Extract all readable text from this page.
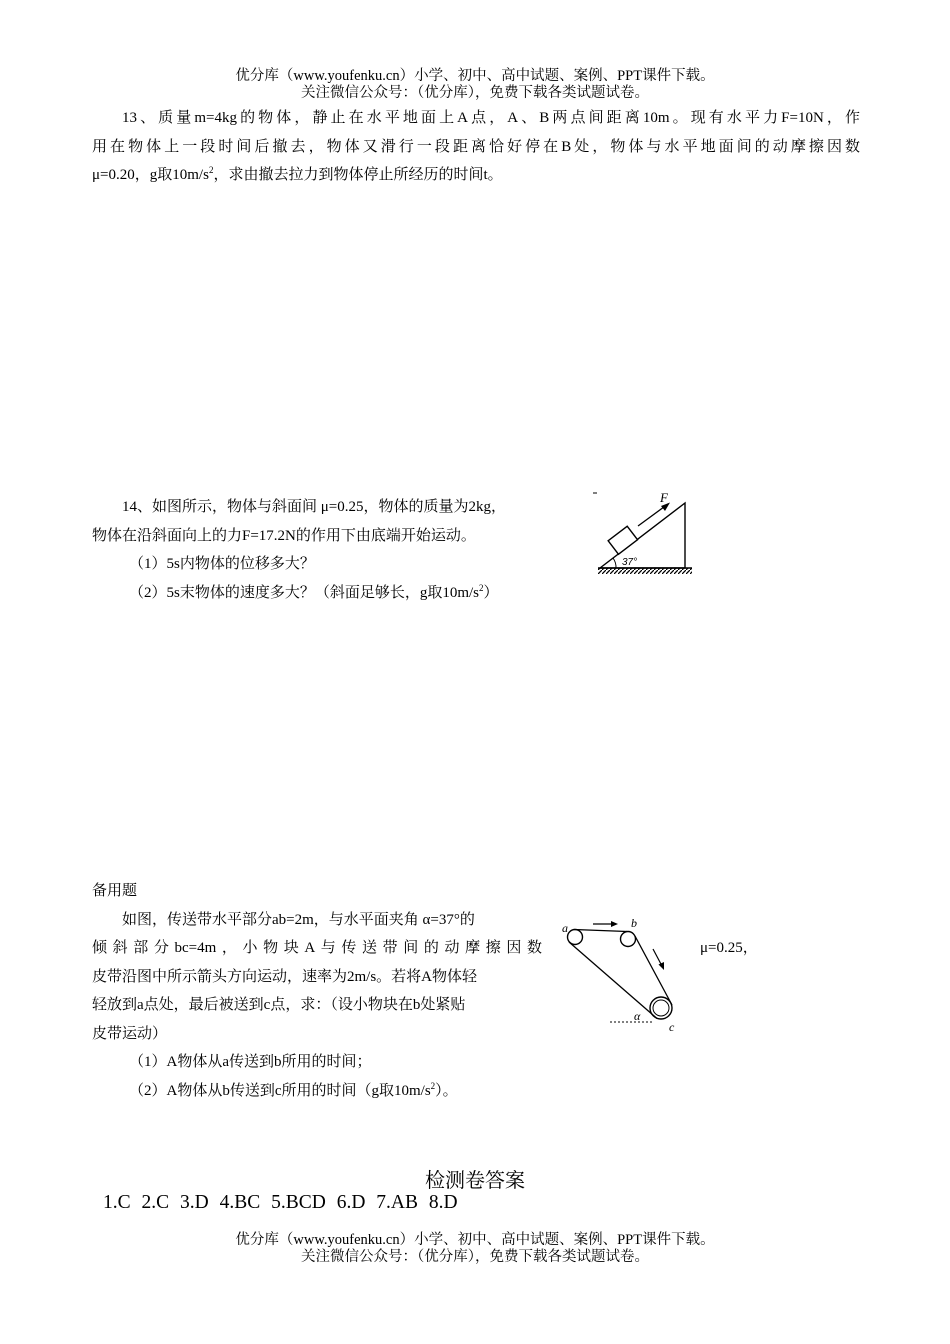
优分库（www.youfenku.cn）小学、初中、高中试题、案例、PPT课件下载。
关注微信公众号：（优分库），免费下载各类试题试卷。
13、质量m=4kg的物体，静止在水平地面上A点，A、B两点间距离10m。现有水平力F=10N，作
用在物体上一段时间后撤去，物体又滑行一段距离恰好停在B处，物体与水平地面间的动摩擦因数
μ=0.20，g取$10m/s^2$，求由撤去拉力到物体停止所经历的时间t。
14、如图所示，物体与斜面间 μ=0.25，物体的质量为2kg，
物体在沿斜面向上的力F=17.2N的作用下由底端开始运动。
（1）5s内物体的位移多大？
（2）5s末物体的速度多大？（斜面足够长，g取$10m/s^2$）
F
37°
备用题
如图，传送带水平部分ab=2m，与水平面夹角 α=37°的
倾斜部分bc=4m，小物块A与传送带间的动摩擦因数	μ=0.25，
皮带沿图中所示箭头方向运动，速率为2m/s。若将A物体轻
轻放到a点处，最后被送到c点，求：（设小物块在b处紧贴
皮带运动）
（1）A物体从a传送到b所用的时间；
（2）A物体从b传送到c所用的时间（g取$10m/s^2$）。
a	b
c
α
检测卷答案
1.C 2.C 3.D 4.BC 5.BCD 6.D 7.AB 8.D
优分库（www.youfenku.cn）小学、初中、高中试题、案例、PPT课件下载。
关注微信公众号：（优分库），免费下载各类试题试卷。
